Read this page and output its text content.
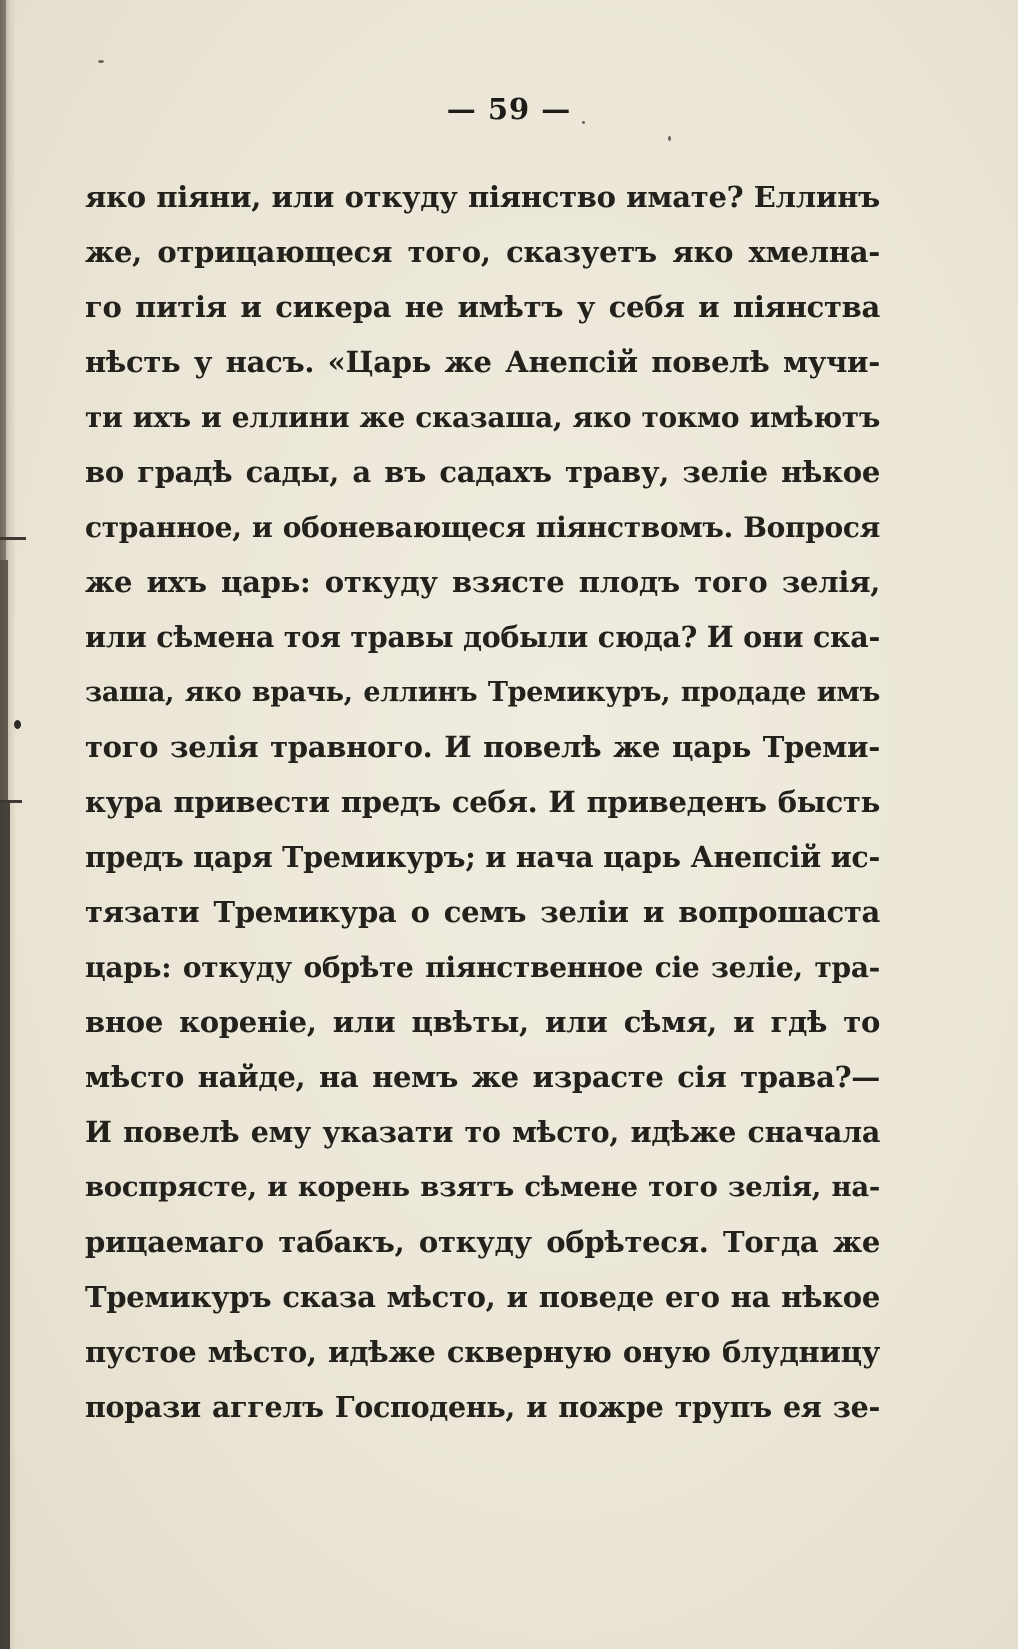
— 59 —
яко піяни, или откуду піянство имате? Еллинъ
же, отрицающеся того, сказуетъ яко хмелна-
го питія и сикера не имѣтъ у себя и піянства
нѣсть у насъ. «Царь же Анепсій повелѣ мучи-
ти ихъ и еллини же сказаша, яко токмо имѣютъ
во градѣ сады, а въ садахъ траву, зеліе нѣкое
странное, и обоневающеся піянствомъ. Вопрося
же ихъ царь: откуду взясте плодъ того зелія,
или сѣмена тоя травы добыли сюда? И они ска-
заша, яко врачь, еллинъ Тремикуръ, продаде имъ
того зелія травного. И повелѣ же царь Треми-
кура привести предъ себя. И приведенъ бысть
предъ царя Тремикуръ; и нача царь Анепсій ис-
тязати Тремикура о семъ зеліи и вопрошаста
царь: откуду обрѣте піянственное сіе зеліе, тра-
вное кореніе, или цвѣты, или сѣмя, и гдѣ то
мѣсто найде, на немъ же израсте сія трава?—
И повелѣ ему указати то мѣсто, идѣже сначала
воспрясте, и корень взятъ сѣмене того зелія, на-
рицаемаго табакъ, откуду обрѣтеся. Тогда же
Тремикуръ сказа мѣсто, и поведе его на нѣкое
пустое мѣсто, идѣже скверную оную блудницу
порази аггелъ Господень, и пожре трупъ ея зе-
